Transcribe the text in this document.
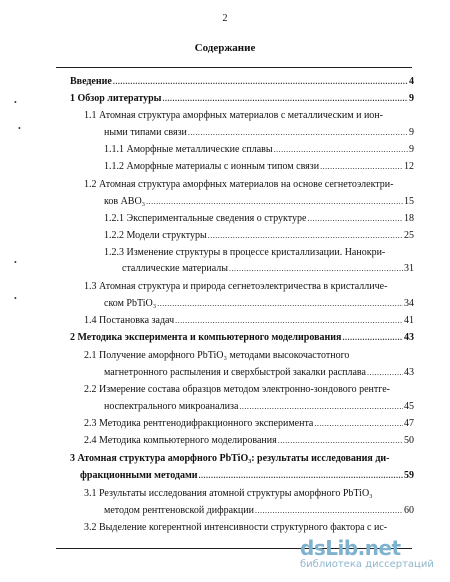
2
Содержание
Введение .....	4
1 Обзор литературы .....	9
1.1 Атомная структура аморфных материалов с металлическим и ион-
ными типами связи .....	9
1.1.1 Аморфные металлические сплавы .....	9
1.1.2 Аморфные материалы с ионным типом связи .....	12
1.2 Атомная структура аморфных материалов на основе сегнетоэлектри-
ков ABO₃ .....	15
1.2.1 Экспериментальные сведения о структуре .....	18
1.2.2 Модели структуры .....	25
1.2.3 Изменение структуры в процессе кристаллизации. Нанокри-
сталлические материалы .....	31
1.3 Атомная структура и природа сегнетоэлектричества в кристалличе-
ском PbTiO₃ .....	34
1.4 Постановка задач .....	41
2 Методика эксперимента и компьютерного моделирования .....	43
2.1 Получение аморфного PbTiO₃ методами высокочастотного
магнетронного распыления и сверхбыстрой закалки расплава .....	43
2.2 Измерение состава образцов методом электронно-зондового рентге-
носпектрального микроанализа .....	45
2.3 Методика рентгенодифракционного эксперимента .....	47
2.4 Методика компьютерного моделирования .....	50
3 Атомная структура аморфного PbTiO₃: результаты исследования ди-
фракционными методами .....	59
3.1 Результаты исследования атомной структуры аморфного PbTiO₃
методом рентгеновской дифракции .....	60
3.2 Выделение когерентной интенсивности структурного фактора с ис-
•
•
•
•
dsLib.net
библиотека диссертаций
